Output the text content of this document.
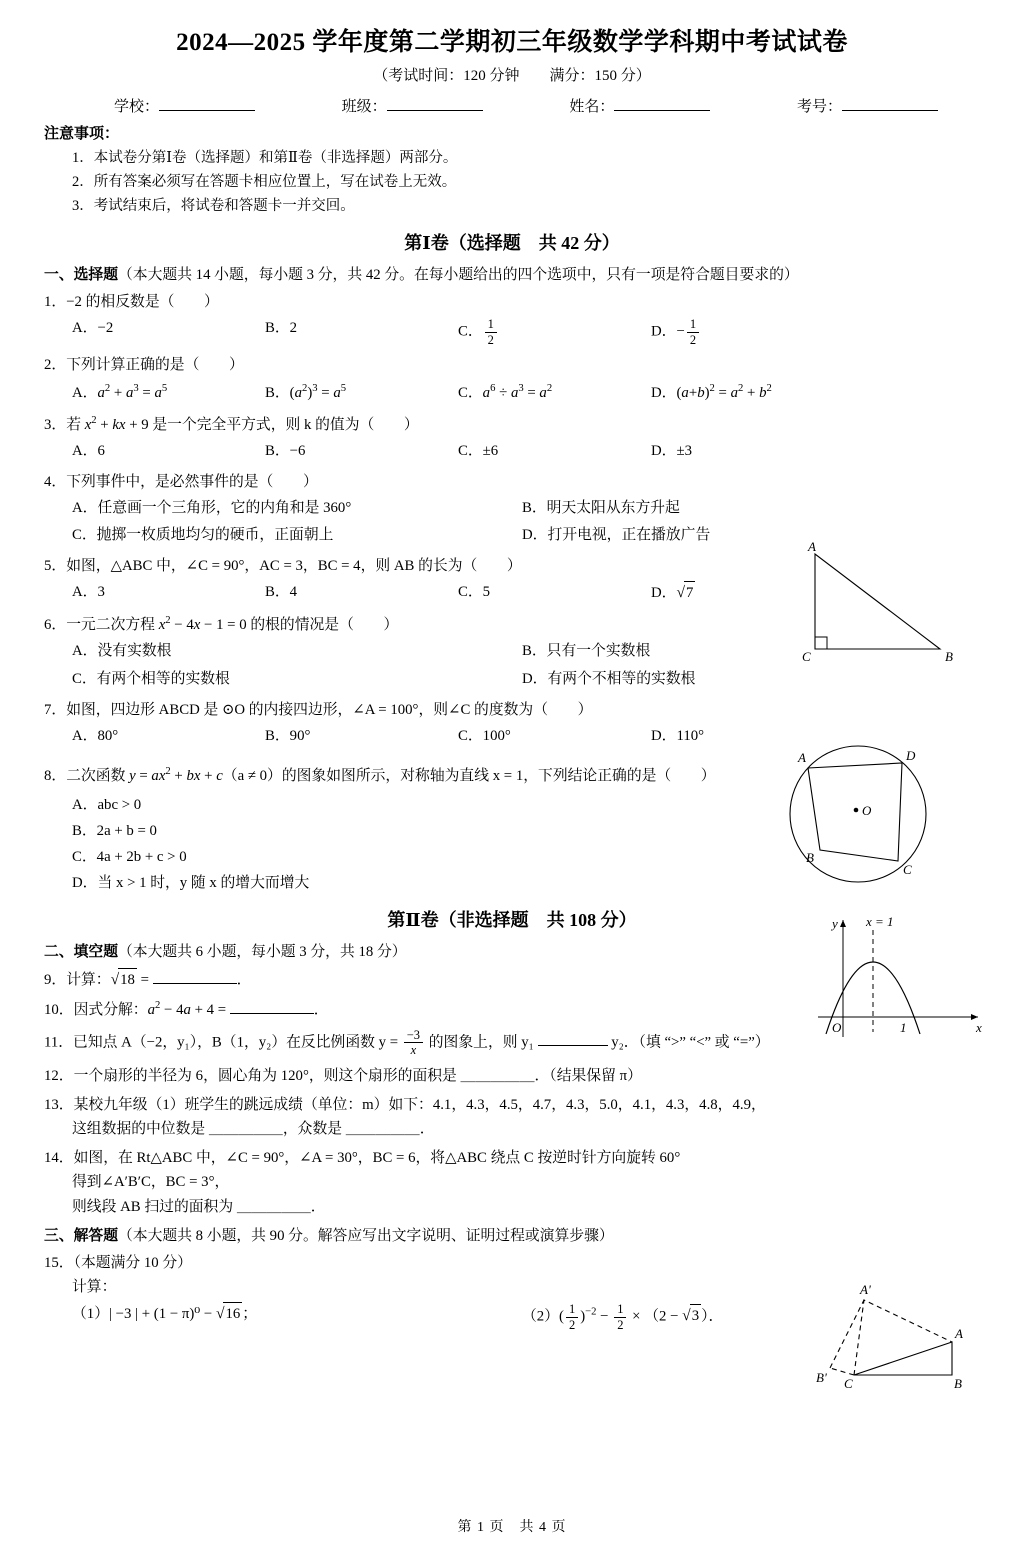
2024—2025 学年度第二学期初三年级数学学科期中考试试卷
（考试时间：120 分钟　　满分：150 分）
学校：	班级：	姓名：	考号：
注意事项：
1．本试卷分第Ⅰ卷（选择题）和第Ⅱ卷（非选择题）两部分。
2．所有答案必须写在答题卡相应位置上，写在试卷上无效。
3．考试结束后，将试卷和答题卡一并交回。
第Ⅰ卷（选择题　共 42 分）
一、选择题（本大题共 14 小题，每小题 3 分，共 42 分。在每小题给出的四个选项中，只有一项是符合题目要求的）
1．−2 的相反数是（　　）
A．−2	B．2	C． $\frac{1}{2}$	D．− $\frac{1}{2}$
2．下列计算正确的是（　　）
A．$a^2 + a^3 = a^5$	B．$(a^2)^3 = a^5$	C．$a^6 \div a^3 = a^2$	D．$(a+b)^2 = a^2 + b^2$
3．若 $x^2$ + kx + 9 是一个完全平方式，则 k 的值为（　　）
A．6	B．−6	C．±6	D．±3
4．下列事件中，是必然事件的是（　　）
A．任意画一个三角形，它的内角和是 360°	B．明天太阳从东方升起
C．抛掷一枚质地均匀的硬币，正面朝上	D．打开电视，正在播放广告
5．如图，△ABC 中，∠C = 90°，AC = 3，BC = 4，则 AB 的长为（　　）
A．3	B．4	C．5	D．√7
6．一元二次方程 $x^2 - 4x - 1 = 0$ 的根的情况是（　　）
A．没有实数根	B．只有一个实数根
C．有两个相等的实数根	D．有两个不相等的实数根
7．如图，四边形 ABCD 是 ⊙O 的内接四边形，∠A = 100°，则∠C 的度数为（　　）
A．80°	B．90°	C．100°	D．110°
8．二次函数 $y = ax^2$ + bx + c（a ≠ 0）的图象如图所示，对称轴为直线 x = 1，下列结论正确的是（　　）
A．abc > 0
B．2a + b = 0
C．4a + 2b + c > 0
D．当 x > 1 时，y 随 x 的增大而增大
第Ⅱ卷（非选择题　共 108 分）
二、填空题（本大题共 6 小题，每小题 3 分，共 18 分）
9．计算：√18 =	．
10．因式分解：$a^2 - 4a + 4$ =	．
11．已知点 A（−2，y₁），B（1，y₂）在反比例函数 $y = \frac{-3}{x}$ 的图象上，则 y₁	y₂．（填 “>” “<” 或 “=”）
12．一个扇形的半径为 6，圆心角为 120°，则这个扇形的面积是 ＿＿＿＿＿．（结果保留 π）
13．某校九年级（1）班学生的跳远成绩（单位：m）如下：4.1，4.3，4.5，4.7，4.3，5.0，4.1，4.3，4.8，4.9，
这组数据的中位数是 ＿＿＿＿＿，众数是 ＿＿＿＿＿．
14．如图，在 Rt△ABC 中，∠C = 90°，∠A = 30°，BC = 6，将△ABC 绕点 C 按逆时针方向旋转 60°
得到∠A′B′C，BC = 3°，
则线段 AB 扫过的面积为 ＿＿＿＿＿．
三、解答题（本大题共 8 小题，共 90 分。解答应写出文字说明、证明过程或演算步骤）
15．（本题满分 10 分）
计算：
（1）| −3 | + (1 − π)⁰ − √16 ；	$(2)( \frac{1}{2} )^{-2} - \frac{1}{2} \times (2 - √3$ ）．
A
C	B
A	D
B
C
O
y
x
O	1
x = 1
A'
A
B' C	B
第 1 页　共 4 页
